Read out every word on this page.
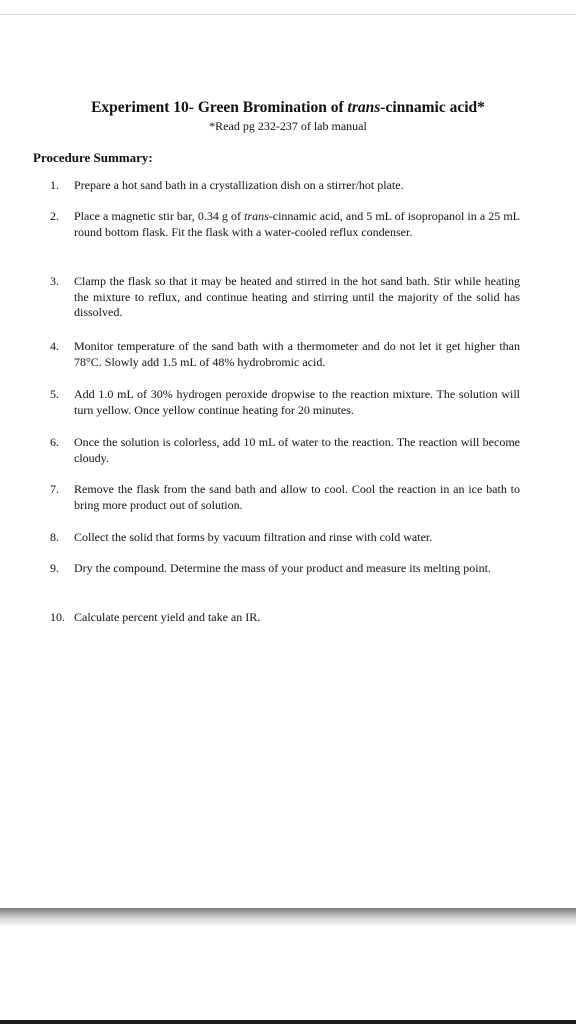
Experiment 10- Green Bromination of trans-cinnamic acid*
*Read pg 232-237 of lab manual
Procedure Summary:
1.	Prepare a hot sand bath in a crystallization dish on a stirrer/hot plate.
2.	Place a magnetic stir bar, 0.34 g of trans-cinnamic acid, and 5 mL of isopropanol in a 25 mL round bottom flask. Fit the flask with a water-cooled reflux condenser.
3.	Clamp the flask so that it may be heated and stirred in the hot sand bath. Stir while heating the mixture to reflux, and continue heating and stirring until the majority of the solid has dissolved.
4.	Monitor temperature of the sand bath with a thermometer and do not let it get higher than 78°C. Slowly add 1.5 mL of 48% hydrobromic acid.
5.	Add 1.0 mL of 30% hydrogen peroxide dropwise to the reaction mixture. The solution will turn yellow. Once yellow continue heating for 20 minutes.
6.	Once the solution is colorless, add 10 mL of water to the reaction. The reaction will become cloudy.
7.	Remove the flask from the sand bath and allow to cool. Cool the reaction in an ice bath to bring more product out of solution.
8.	Collect the solid that forms by vacuum filtration and rinse with cold water.
9.	Dry the compound. Determine the mass of your product and measure its melting point.
10. Calculate percent yield and take an IR.
